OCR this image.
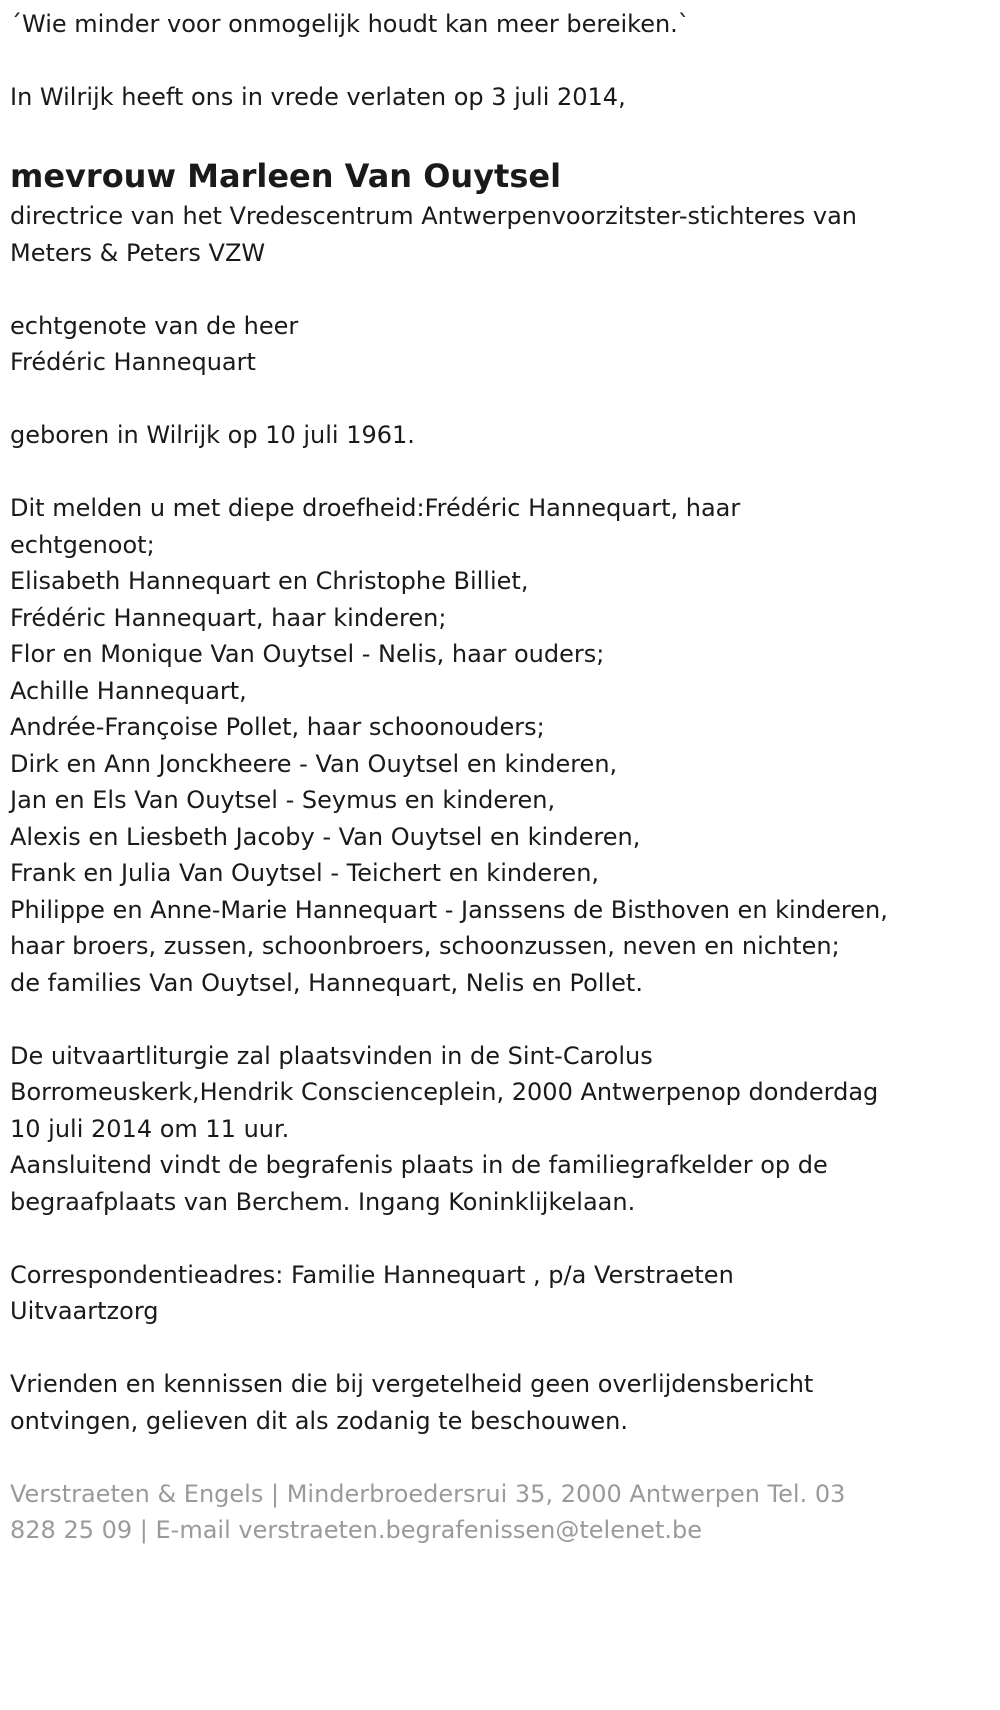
´Wie minder voor onmogelijk houdt kan meer bereiken.`
In Wilrijk heeft ons in vrede verlaten op 3 juli 2014,
mevrouw Marleen Van Ouytsel
directrice van het Vredescentrum Antwerpenvoorzitster-stichteres van
Meters & Peters VZW
echtgenote van de heer
Frédéric Hannequart
geboren in Wilrijk op 10 juli 1961.
Dit melden u met diepe droefheid:Frédéric Hannequart, haar
echtgenoot;
Elisabeth Hannequart en Christophe Billiet,
Frédéric Hannequart, haar kinderen;
Flor en Monique Van Ouytsel - Nelis, haar ouders;
Achille Hannequart,
Andrée-Françoise Pollet, haar schoonouders;
Dirk en Ann Jonckheere - Van Ouytsel en kinderen,
Jan en Els Van Ouytsel - Seymus en kinderen,
Alexis en Liesbeth Jacoby - Van Ouytsel en kinderen,
Frank en Julia Van Ouytsel - Teichert en kinderen,
Philippe en Anne-Marie Hannequart - Janssens de Bisthoven en kinderen,
haar broers, zussen, schoonbroers, schoonzussen, neven en nichten;
de families Van Ouytsel, Hannequart, Nelis en Pollet.
De uitvaartliturgie zal plaatsvinden in de Sint-Carolus
Borromeuskerk,Hendrik Conscienceplein, 2000 Antwerpenop donderdag
10 juli 2014 om 11 uur.
Aansluitend vindt de begrafenis plaats in de familiegrafkelder op de
begraafplaats van Berchem. Ingang Koninklijkelaan.
Correspondentieadres: Familie Hannequart , p/a Verstraeten
Uitvaartzorg
Vrienden en kennissen die bij vergetelheid geen overlijdensbericht
ontvingen, gelieven dit als zodanig te beschouwen.
Verstraeten & Engels | Minderbroedersrui 35, 2000 Antwerpen Tel. 03
828 25 09 | E-mail verstraeten.begrafenissen@telenet.be
